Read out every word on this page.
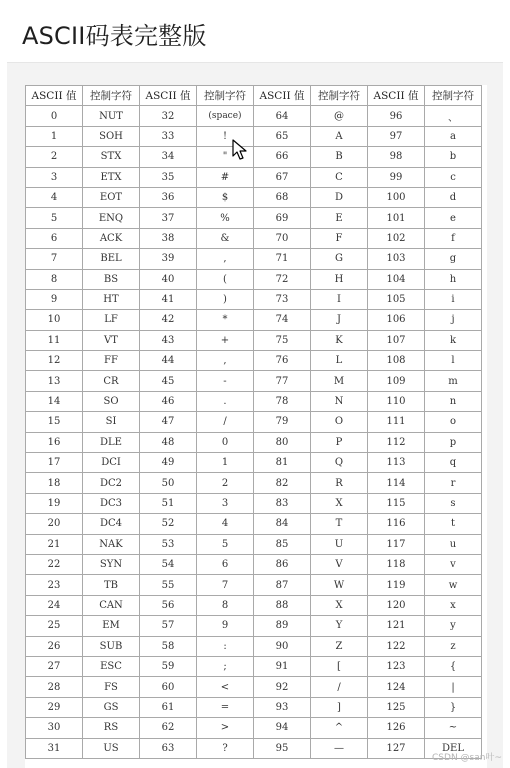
ASCII码表完整版
ASCII 值	控制字符	ASCII 值	控制字符	ASCII 值	控制字符	ASCII 值	控制字符
0	NUT	32	(space)	64	@	96	、
1	SOH	33	!	65	A	97	a
2	STX	34	"	66	B	98	b
3	ETX	35	#	67	C	99	c
4	EOT	36	$	68	D	100	d
5	ENQ	37	%	69	E	101	e
6	ACK	38	&	70	F	102	f
7	BEL	39	,	71	G	103	g
8	BS	40	(	72	H	104	h
9	HT	41	)	73	I	105	i
10	LF	42	*	74	J	106	j
11	VT	43	+	75	K	107	k
12	FF	44	,	76	L	108	l
13	CR	45	-	77	M	109	m
14	SO	46	.	78	N	110	n
15	SI	47	/	79	O	111	o
16	DLE	48	0	80	P	112	p
17	DCI	49	1	81	Q	113	q
18	DC2	50	2	82	R	114	r
19	DC3	51	3	83	X	115	s
20	DC4	52	4	84	T	116	t
21	NAK	53	5	85	U	117	u
22	SYN	54	6	86	V	118	v
23	TB	55	7	87	W	119	w
24	CAN	56	8	88	X	120	x
25	EM	57	9	89	Y	121	y
26	SUB	58	:	90	Z	122	z
27	ESC	59	;	91	[	123	{
28	FS	60	<	92	/	124	|
29	GS	61	=	93	]	125	}
30	RS	62	>	94	^	126	~
31	US	63	?	95	—	127	DEL
CSDN @san叶~
